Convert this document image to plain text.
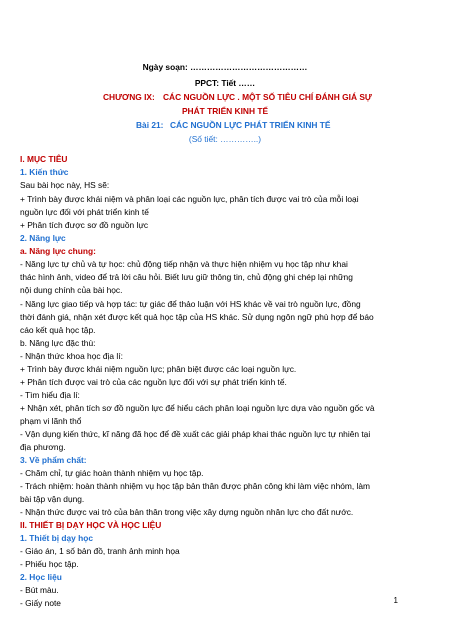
Ngày soạn: ……………………………………
PPCT: Tiết ……
CHƯƠNG IX: CÁC NGUỒN LỰC . MỘT SỐ TIÊU CHÍ ĐÁNH GIÁ SỰ
PHÁT TRIỂN KINH TẾ
Bài 21: CÁC NGUỒN LỰC PHÁT TRIỂN KINH TẾ
(Số tiết: …………..)
I. MỤC TIÊU
1. Kiến thức
Sau bài học này, HS sẽ:
+ Trình bày được khái niệm và phân loại các nguồn lực, phân tích được vai trò của mỗi loại
nguồn lực đối với phát triển kinh tế
+ Phân tích được sơ đồ nguồn lực
2. Năng lực
a. Năng lực chung:
- Năng lực tự chủ và tự học: chủ động tiếp nhận và thực hiện nhiệm vụ học tập như khai
thác hình ảnh, video để trả lời câu hỏi. Biết lưu giữ thông tin, chủ động ghi chép lại những
nội dung chính của bài học.
- Năng lực giao tiếp và hợp tác: tự giác để thảo luận với HS khác về vai trò nguồn lực, đồng
thời đánh giá, nhận xét được kết quả học tập của HS khác. Sử dụng ngôn ngữ phù hợp để báo
cáo kết quả học tập.
b. Năng lực đặc thù:
- Nhận thức khoa học địa lí:
+ Trình bày được khái niệm nguồn lực; phân biệt được các loại nguồn lực.
+ Phân tích được vai trò của các nguồn lực đối với sự phát triển kinh tế.
- Tìm hiểu địa lí:
+ Nhận xét, phân tích sơ đồ nguồn lực để hiểu cách phân loại nguồn lực dựa vào nguồn gốc và
phạm vi lãnh thổ
- Vận dụng kiến thức, kĩ năng đã học để đề xuất các giải pháp khai thác nguồn lực tự nhiên tại
địa phương.
3. Về phẩm chất:
- Chăm chỉ, tự giác hoàn thành nhiệm vụ học tập.
- Trách nhiệm: hoàn thành nhiệm vụ học tập bản thân được phân công khi làm việc nhóm, làm
bài tập vận dụng.
- Nhận thức được vai trò của bản thân trong việc xây dựng nguồn nhân lực cho đất nước.
II. THIẾT BỊ DẠY HỌC VÀ HỌC LIỆU
1. Thiết bị dạy học
- Giáo án, 1 số bản đồ, tranh ảnh minh họa
- Phiếu học tập.
2. Học liệu
- Bút màu.
- Giấy note	1
